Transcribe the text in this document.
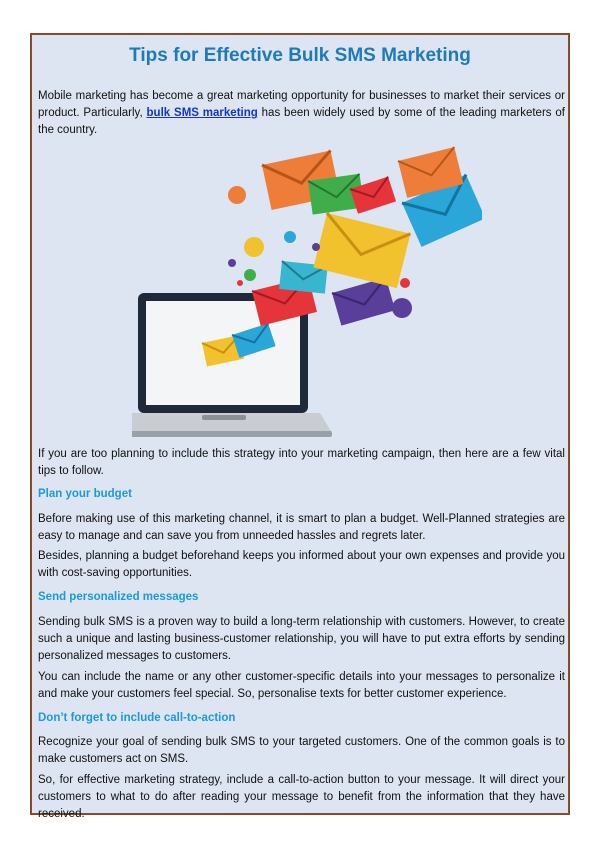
Tips for Effective Bulk SMS Marketing

Mobile marketing has become a great marketing opportunity for businesses to market their services or product. Particularly, bulk SMS marketing has been widely used by some of the leading marketers of the country.

If you are too planning to include this strategy into your marketing campaign, then here are a few vital tips to follow.

Plan your budget

Before making use of this marketing channel, it is smart to plan a budget. Well-Planned strategies are easy to manage and can save you from unneeded hassles and regrets later.

Besides, planning a budget beforehand keeps you informed about your own expenses and provide you with cost-saving opportunities.

Send personalized messages

Sending bulk SMS is a proven way to build a long-term relationship with customers. However, to create such a unique and lasting business-customer relationship, you will have to put extra efforts by sending personalized messages to customers.

You can include the name or any other customer-specific details into your messages to personalize it and make your customers feel special. So, personalise texts for better customer experience.

Don’t forget to include call-to-action

Recognize your goal of sending bulk SMS to your targeted customers. One of the common goals is to make customers act on SMS.

So, for effective marketing strategy, include a call-to-action button to your message. It will direct your customers to what to do after reading your message to benefit from the information that they have received.
